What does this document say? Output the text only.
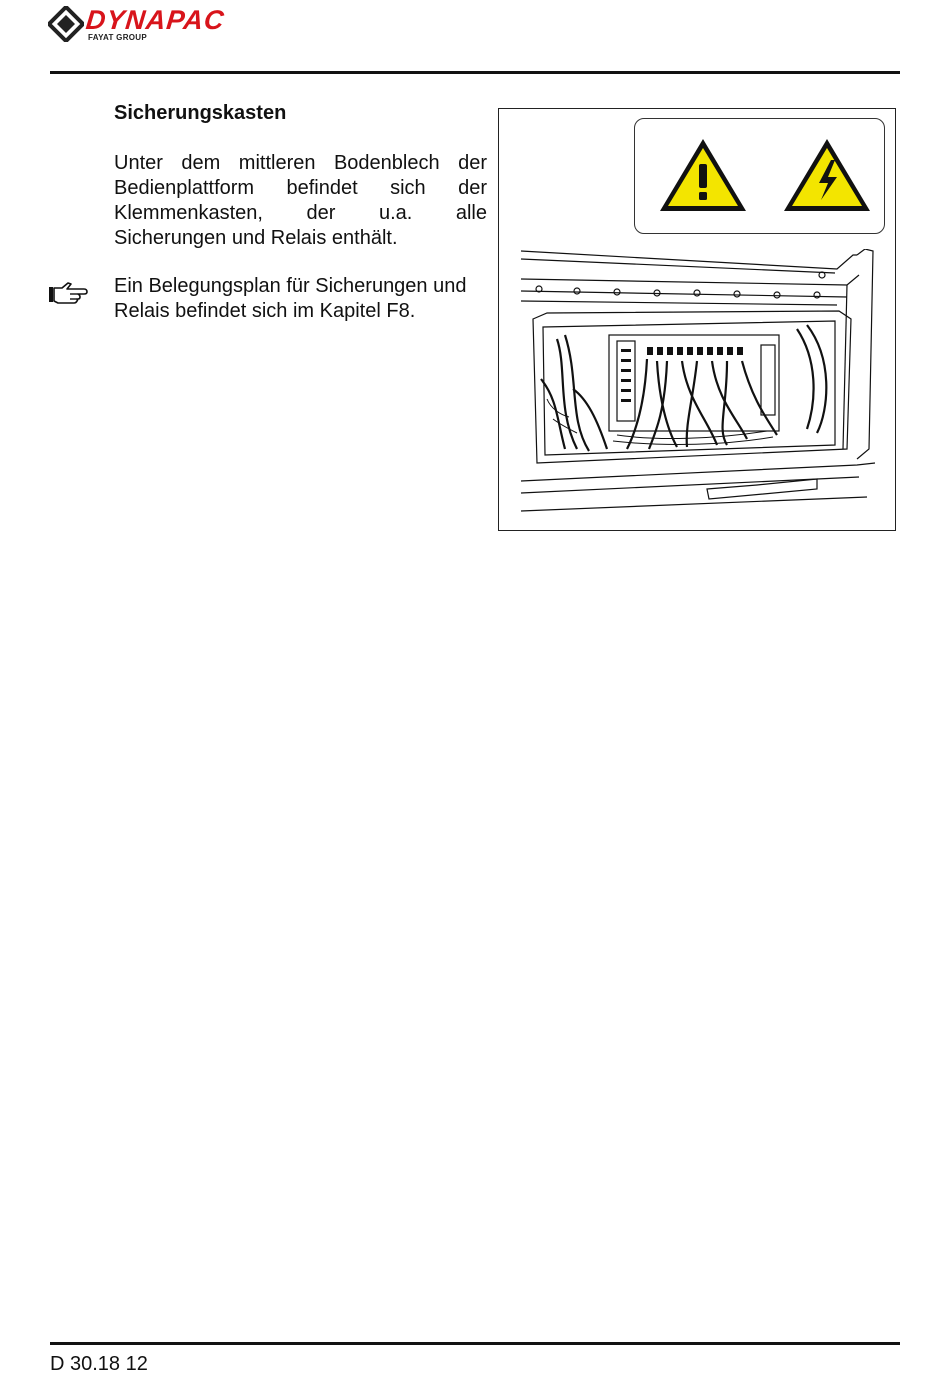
DYNAPAC
FAYAT GROUP
Sicherungskasten

Unter dem mittleren Bodenblech der Bedienplattform befindet sich der Klemmenkasten, der u.a. alle Sicherungen und Relais enthält.

Ein Belegungsplan für Sicherungen und Relais befindet sich im Kapitel F8.

D 30.18 12
